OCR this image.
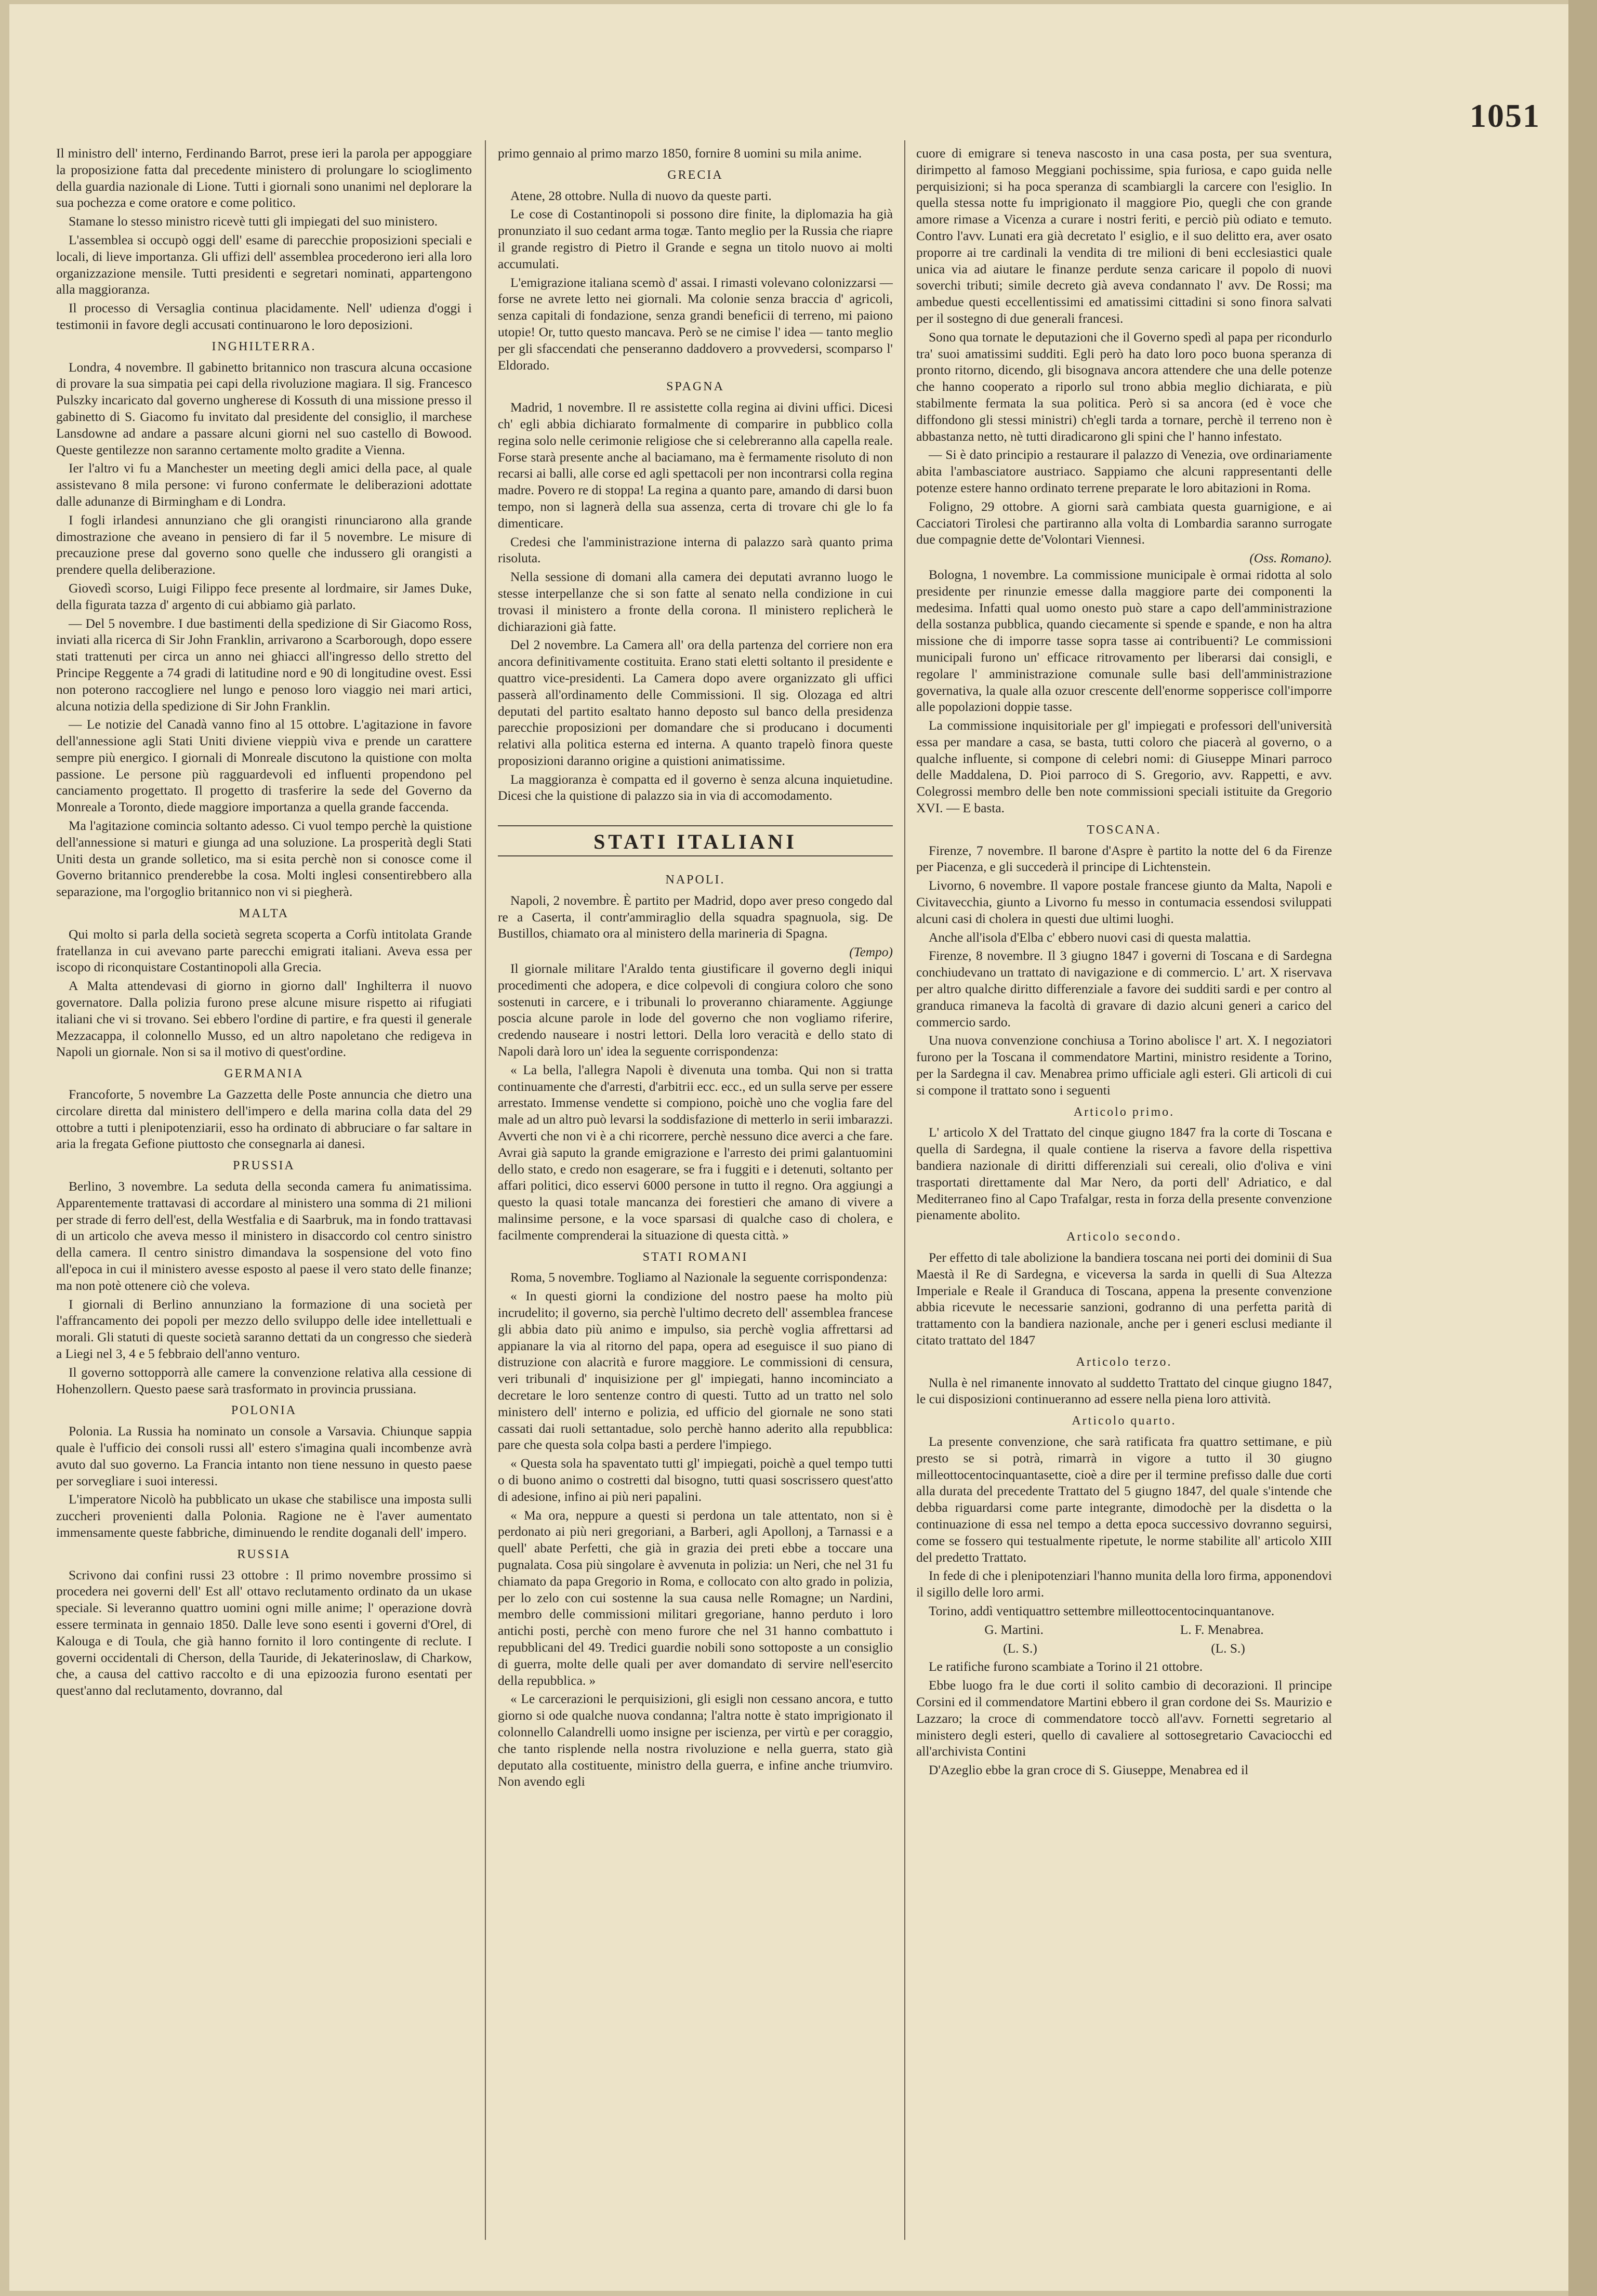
1051

Il ministro dell' interno, Ferdinando Barrot, prese ieri la parola per appoggiare la proposizione fatta dal precedente ministero di prolungare lo scioglimento della guardia nazionale di Lione. Tutti i giornali sono unanimi nel deplorare la sua pochezza e come oratore e come politico.

Stamane lo stesso ministro ricevè tutti gli impiegati del suo ministero.

L'assemblea si occupò oggi dell' esame di parecchie proposizioni speciali e locali, di lieve importanza. Gli uffizi dell' assemblea procederono ieri alla loro organizzazione mensile. Tutti presidenti e segretari nominati, appartengono alla maggioranza.

Il processo di Versaglia continua placidamente. Nell' udienza d'oggi i testimonii in favore degli accusati continuarono le loro deposizioni.

INGHILTERRA.

Londra, 4 novembre. Il gabinetto britannico non trascura alcuna occasione di provare la sua simpatia pei capi della rivoluzione magiara. Il sig. Francesco Pulszky incaricato dal governo ungherese di Kossuth di una missione presso il gabinetto di S. Giacomo fu invitato dal presidente del consiglio, il marchese Lansdowne ad andare a passare alcuni giorni nel suo castello di Bowood. Queste gentilezze non saranno certamente molto gradite a Vienna.

Ier l'altro vi fu a Manchester un meeting degli amici della pace, al quale assistevano 8 mila persone: vi furono confermate le deliberazioni adottate dalle adunanze di Birmingham e di Londra.

I fogli irlandesi annunziano che gli orangisti rinunciarono alla grande dimostrazione che aveano in pensiero di far il 5 novembre. Le misure di precauzione prese dal governo sono quelle che indussero gli orangisti a prendere quella deliberazione.

Giovedì scorso, Luigi Filippo fece presente al lordmaire, sir James Duke, della figurata tazza d' argento di cui abbiamo già parlato.

— Del 5 novembre. I due bastimenti della spedizione di Sir Giacomo Ross, inviati alla ricerca di Sir John Franklin, arrivarono a Scarborough, dopo essere stati trattenuti per circa un anno nei ghiacci all'ingresso dello stretto del Principe Reggente a 74 gradi di latitudine nord e 90 di longitudine ovest. Essi non poterono raccogliere nel lungo e penoso loro viaggio nei mari artici, alcuna notizia della spedizione di Sir John Franklin.

— Le notizie del Canadà vanno fino al 15 ottobre. L'agitazione in favore dell'annessione agli Stati Uniti diviene vieppiù viva e prende un carattere sempre più energico. I giornali di Monreale discutono la quistione con molta passione. Le persone più ragguardevoli ed influenti propendono pel canciamento progettato. Il progetto di trasferire la sede del Governo da Monreale a Toronto, diede maggiore importanza a quella grande faccenda.

Ma l'agitazione comincia soltanto adesso. Ci vuol tempo perchè la quistione dell'annessione si maturi e giunga ad una soluzione. La prosperità degli Stati Uniti desta un grande solletico, ma si esita perchè non si conosce come il Governo britannico prenderebbe la cosa. Molti inglesi consentirebbero alla separazione, ma l'orgoglio britannico non vi si piegherà.

MALTA

Qui molto si parla della società segreta scoperta a Corfù intitolata Grande fratellanza in cui avevano parte parecchi emigrati italiani. Aveva essa per iscopo di riconquistare Costantinopoli alla Grecia.

A Malta attendevasi di giorno in giorno dall' Inghilterra il nuovo governatore. Dalla polizia furono prese alcune misure rispetto ai rifugiati italiani che vi si trovano. Sei ebbero l'ordine di partire, e fra questi il generale Mezzacappa, il colonnello Musso, ed un altro napoletano che redigeva in Napoli un giornale. Non si sa il motivo di quest'ordine.

GERMANIA

Francoforte, 5 novembre La Gazzetta delle Poste annuncia che dietro una circolare diretta dal ministero dell'impero e della marina colla data del 29 ottobre a tutti i plenipotenziarii, esso ha ordinato di abbruciare o far saltare in aria la fregata Gefione piuttosto che consegnarla ai danesi.

PRUSSIA

Berlino, 3 novembre. La seduta della seconda camera fu animatissima. Apparentemente trattavasi di accordare al ministero una somma di 21 milioni per strade di ferro dell'est, della Westfalia e di Saarbruk, ma in fondo trattavasi di un articolo che aveva messo il ministero in disaccordo col centro sinistro della camera. Il centro sinistro dimandava la sospensione del voto fino all'epoca in cui il ministero avesse esposto al paese il vero stato delle finanze; ma non potè ottenere ciò che voleva.

I giornali di Berlino annunziano la formazione di una società per l'affrancamento dei popoli per mezzo dello sviluppo delle idee intellettuali e morali. Gli statuti di queste società saranno dettati da un congresso che siederà a Liegi nel 3, 4 e 5 febbraio dell'anno venturo.

Il governo sottopporrà alle camere la convenzione relativa alla cessione di Hohenzollern. Questo paese sarà trasformato in provincia prussiana.

POLONIA

Polonia. La Russia ha nominato un console a Varsavia. Chiunque sappia quale è l'ufficio dei consoli russi all' estero s'imagina quali incombenze avrà avuto dal suo governo. La Francia intanto non tiene nessuno in questo paese per sorvegliare i suoi interessi.

L'imperatore Nicolò ha pubblicato un ukase che stabilisce una imposta sulli zuccheri provenienti dalla Polonia. Ragione ne è l'aver aumentato immensamente queste fabbriche, diminuendo le rendite doganali dell' impero.

RUSSIA

Scrivono dai confini russi 23 ottobre : Il primo novembre prossimo si procedera nei governi dell' Est all' ottavo reclutamento ordinato da un ukase speciale. Si leveranno quattro uomini ogni mille anime; l' operazione dovrà essere terminata in gennaio 1850. Dalle leve sono esenti i governi d'Orel, di Kalouga e di Toula, che già hanno fornito il loro contingente di reclute. I governi occidentali di Cherson, della Tauride, di Jekaterinoslaw, di Charkow, che, a causa del cattivo raccolto e di una epizoozia furono esentati per quest'anno dal reclutamento, dovranno, dal

primo gennaio al primo marzo 1850, fornire 8 uomini su mila anime.

GRECIA

Atene, 28 ottobre. Nulla di nuovo da queste parti.

Le cose di Costantinopoli si possono dire finite, la diplomazia ha già pronunziato il suo cedant arma togæ. Tanto meglio per la Russia che riapre il grande registro di Pietro il Grande e segna un titolo nuovo ai molti accumulati.

L'emigrazione italiana scemò d' assai. I rimasti volevano colonizzarsi — forse ne avrete letto nei giornali. Ma colonie senza braccia d' agricoli, senza capitali di fondazione, senza grandi beneficii di terreno, mi paiono utopie! Or, tutto questo mancava. Però se ne cimise l' idea — tanto meglio per gli sfaccendati che penseranno daddovero a provvedersi, scomparso l' Eldorado.

SPAGNA

Madrid, 1 novembre. Il re assistette colla regina ai divini uffici. Dicesi ch' egli abbia dichiarato formalmente di comparire in pubblico colla regina solo nelle cerimonie religiose che si celebreranno alla capella reale. Forse starà presente anche al baciamano, ma è fermamente risoluto di non recarsi ai balli, alle corse ed agli spettacoli per non incontrarsi colla regina madre. Povero re di stoppa! La regina a quanto pare, amando di darsi buon tempo, non si lagnerà della sua assenza, certa di trovare chi gle lo fa dimenticare.

Credesi che l'amministrazione interna di palazzo sarà quanto prima risoluta.

Nella sessione di domani alla camera dei deputati avranno luogo le stesse interpellanze che si son fatte al senato nella condizione in cui trovasi il ministero a fronte della corona. Il ministero replicherà le dichiarazioni già fatte.

Del 2 novembre. La Camera all' ora della partenza del corriere non era ancora definitivamente costituita. Erano stati eletti soltanto il presidente e quattro vice-presidenti. La Camera dopo avere organizzato gli uffici passerà all'ordinamento delle Commissioni. Il sig. Olozaga ed altri deputati del partito esaltato hanno deposto sul banco della presidenza parecchie proposizioni per domandare che si producano i documenti relativi alla politica esterna ed interna. A quanto trapelò finora queste proposizioni daranno origine a quistioni animatissime.

La maggioranza è compatta ed il governo è senza alcuna inquietudine. Dicesi che la quistione di palazzo sia in via di accomodamento.

STATI ITALIANI
NAPOLI.

Napoli, 2 novembre. È partito per Madrid, dopo aver preso congedo dal re a Caserta, il contr'ammiraglio della squadra spagnuola, sig. De Bustillos, chiamato ora al ministero della marineria di Spagna.

(Tempo)

Il giornale militare l'Araldo tenta giustificare il governo degli iniqui procedimenti che adopera, e dice colpevoli di congiura coloro che sono sostenuti in carcere, e i tribunali lo proveranno chiaramente. Aggiunge poscia alcune parole in lode del governo che non vogliamo riferire, credendo nauseare i nostri lettori. Della loro veracità e dello stato di Napoli darà loro un' idea la seguente corrispondenza:

« La bella, l'allegra Napoli è divenuta una tomba. Qui non si tratta continuamente che d'arresti, d'arbitrii ecc. ecc., ed un sulla serve per essere arrestato. Immense vendette si compiono, poichè uno che voglia fare del male ad un altro può levarsi la soddisfazione di metterlo in serii imbarazzi. Avverti che non vi è a chi ricorrere, perchè nessuno dice averci a che fare. Avrai già saputo la grande emigrazione e l'arresto dei primi galantuomini dello stato, e credo non esagerare, se fra i fuggiti e i detenuti, soltanto per affari politici, dico esservi 6000 persone in tutto il regno. Ora aggiungi a questo la quasi totale mancanza dei forestieri che amano di vivere a malinsime persone, e la voce sparsasi di qualche caso di cholera, e facilmente comprenderai la situazione di questa città. »

STATI ROMANI

Roma, 5 novembre. Togliamo al Nazionale la seguente corrispondenza:

« In questi giorni la condizione del nostro paese ha molto più incrudelito; il governo, sia perchè l'ultimo decreto dell' assemblea francese gli abbia dato più animo e impulso, sia perchè voglia affrettarsi ad appianare la via al ritorno del papa, opera ad eseguisce il suo piano di distruzione con alacrità e furore maggiore. Le commissioni di censura, veri tribunali d' inquisizione per gl' impiegati, hanno incominciato a decretare le loro sentenze contro di questi. Tutto ad un tratto nel solo ministero dell' interno e polizia, ed ufficio del giornale ne sono stati cassati dai ruoli settantadue, solo perchè hanno aderito alla repubblica: pare che questa sola colpa basti a perdere l'impiego.

« Questa sola ha spaventato tutti gl' impiegati, poichè a quel tempo tutti o di buono animo o costretti dal bisogno, tutti quasi soscrissero quest'atto di adesione, infino ai più neri papalini.

« Ma ora, neppure a questi si perdona un tale attentato, non si è perdonato ai più neri gregoriani, a Barberi, agli Apollonj, a Tarnassi e a quell' abate Perfetti, che già in grazia dei preti ebbe a toccare una pugnalata. Cosa più singolare è avvenuta in polizia: un Neri, che nel 31 fu chiamato da papa Gregorio in Roma, e collocato con alto grado in polizia, per lo zelo con cui sostenne la sua causa nelle Romagne; un Nardini, membro delle commissioni militari gregoriane, hanno perduto i loro antichi posti, perchè con meno furore che nel 31 hanno combattuto i repubblicani del 49. Tredici guardie nobili sono sottoposte a un consiglio di guerra, molte delle quali per aver domandato di servire nell'esercito della repubblica. »

« Le carcerazioni le perquisizioni, gli esigli non cessano ancora, e tutto giorno si ode qualche nuova condanna; l'altra notte è stato imprigionato il colonnello Calandrelli uomo insigne per iscienza, per virtù e per coraggio, che tanto risplende nella nostra rivoluzione e nella guerra, stato già deputato alla costituente, ministro della guerra, e infine anche triumviro. Non avendo egli

cuore di emigrare si teneva nascosto in una casa posta, per sua sventura, dirimpetto al famoso Meggiani pochissime, spia furiosa, e capo guida nelle perquisizioni; si ha poca speranza di scambiargli la carcere con l'esiglio. In quella stessa notte fu imprigionato il maggiore Pio, quegli che con grande amore rimase a Vicenza a curare i nostri feriti, e perciò più odiato e temuto. Contro l'avv. Lunati era già decretato l' esiglio, e il suo delitto era, aver osato proporre ai tre cardinali la vendita di tre milioni di beni ecclesiastici quale unica via ad aiutare le finanze perdute senza caricare il popolo di nuovi soverchi tributi; simile decreto già aveva condannato l' avv. De Rossi; ma ambedue questi eccellentissimi ed amatissimi cittadini si sono finora salvati per il sostegno di due generali francesi.

Sono qua tornate le deputazioni che il Governo spedì al papa per ricondurlo tra' suoi amatissimi sudditi. Egli però ha dato loro poco buona speranza di pronto ritorno, dicendo, gli bisognava ancora attendere che una delle potenze che hanno cooperato a riporlo sul trono abbia meglio dichiarata, e più stabilmente fermata la sua politica. Però si sa ancora (ed è voce che diffondono gli stessi ministri) ch'egli tarda a tornare, perchè il terreno non è abbastanza netto, nè tutti diradicarono gli spini che l' hanno infestato.

— Si è dato principio a restaurare il palazzo di Venezia, ove ordinariamente abita l'ambasciatore austriaco. Sappiamo che alcuni rappresentanti delle potenze estere hanno ordinato terrene preparate le loro abitazioni in Roma.

Foligno, 29 ottobre. A giorni sarà cambiata questa guarnigione, e ai Cacciatori Tirolesi che partiranno alla volta di Lombardia saranno surrogate due compagnie dette de'Volontari Viennesi.

(Oss. Romano).

Bologna, 1 novembre. La commissione municipale è ormai ridotta al solo presidente per rinunzie emesse dalla maggiore parte dei componenti la medesima. Infatti qual uomo onesto può stare a capo dell'amministrazione della sostanza pubblica, quando ciecamente si spende e spande, e non ha altra missione che di imporre tasse sopra tasse ai contribuenti? Le commissioni municipali furono un' efficace ritrovamento per liberarsi dai consigli, e regolare l' amministrazione comunale sulle basi dell'amministrazione governativa, la quale alla ozuor crescente dell'enorme sopperisce coll'imporre alle popolazioni doppie tasse.

La commissione inquisitoriale per gl' impiegati e professori dell'università essa per mandare a casa, se basta, tutti coloro che piacerà al governo, o a qualche influente, si compone di celebri nomi: di Giuseppe Minari parroco delle Maddalena, D. Pioi parroco di S. Gregorio, avv. Rappetti, e avv. Colegrossi membro delle ben note commissioni speciali istituite da Gregorio XVI. — E basta.

TOSCANA.

Firenze, 7 novembre. Il barone d'Aspre è partito la notte del 6 da Firenze per Piacenza, e gli succederà il principe di Lichtenstein.

Livorno, 6 novembre. Il vapore postale francese giunto da Malta, Napoli e Civitavecchia, giunto a Livorno fu messo in contumacia essendosi sviluppati alcuni casi di cholera in questi due ultimi luoghi.

Anche all'isola d'Elba c' ebbero nuovi casi di questa malattia.

Firenze, 8 novembre. Il 3 giugno 1847 i governi di Toscana e di Sardegna conchiudevano un trattato di navigazione e di commercio. L' art. X riservava per altro qualche diritto differenziale a favore dei sudditi sardi e per contro al granduca rimaneva la facoltà di gravare di dazio alcuni generi a carico del commercio sardo.

Una nuova convenzione conchiusa a Torino abolisce l' art. X. I negoziatori furono per la Toscana il commendatore Martini, ministro residente a Torino, per la Sardegna il cav. Menabrea primo ufficiale agli esteri. Gli articoli di cui si compone il trattato sono i seguenti

Articolo primo.

L' articolo X del Trattato del cinque giugno 1847 fra la corte di Toscana e quella di Sardegna, il quale contiene la riserva a favore della rispettiva bandiera nazionale di diritti differenziali sui cereali, olio d'oliva e vini trasportati direttamente dal Mar Nero, da porti dell' Adriatico, e dal Mediterraneo fino al Capo Trafalgar, resta in forza della presente convenzione pienamente abolito.

Articolo secondo.

Per effetto di tale abolizione la bandiera toscana nei porti dei dominii di Sua Maestà il Re di Sardegna, e viceversa la sarda in quelli di Sua Altezza Imperiale e Reale il Granduca di Toscana, appena la presente convenzione abbia ricevute le necessarie sanzioni, godranno di una perfetta parità di trattamento con la bandiera nazionale, anche per i generi esclusi mediante il citato trattato del 1847

Articolo terzo.

Nulla è nel rimanente innovato al suddetto Trattato del cinque giugno 1847, le cui disposizioni continueranno ad essere nella piena loro attività.

Articolo quarto.

La presente convenzione, che sarà ratificata fra quattro settimane, e più presto se si potrà, rimarrà in vigore a tutto il 30 giugno milleottocentocinquantasette, cioè a dire per il termine prefisso dalle due corti alla durata del precedente Trattato del 5 giugno 1847, del quale s'intende che debba riguardarsi come parte integrante, dimodochè per la disdetta o la continuazione di essa nel tempo a detta epoca successivo dovranno seguirsi, come se fossero qui testualmente ripetute, le norme stabilite all' articolo XIII del predetto Trattato.

In fede di che i plenipotenziari l'hanno munita della loro firma, apponendovi il sigillo delle loro armi.

Torino, addì ventiquattro settembre milleottocentocinquantanove.

G. Martini.	L. F. Menabrea.
(L. S.)	(L. S.)

Le ratifiche furono scambiate a Torino il 21 ottobre.

Ebbe luogo fra le due corti il solito cambio di decorazioni. Il principe Corsini ed il commendatore Martini ebbero il gran cordone dei Ss. Maurizio e Lazzaro; la croce di commendatore toccò all'avv. Fornetti segretario al ministero degli esteri, quello di cavaliere al sottosegretario Cavaciocchi ed all'archivista Contini

D'Azeglio ebbe la gran croce di S. Giuseppe, Menabrea ed il
